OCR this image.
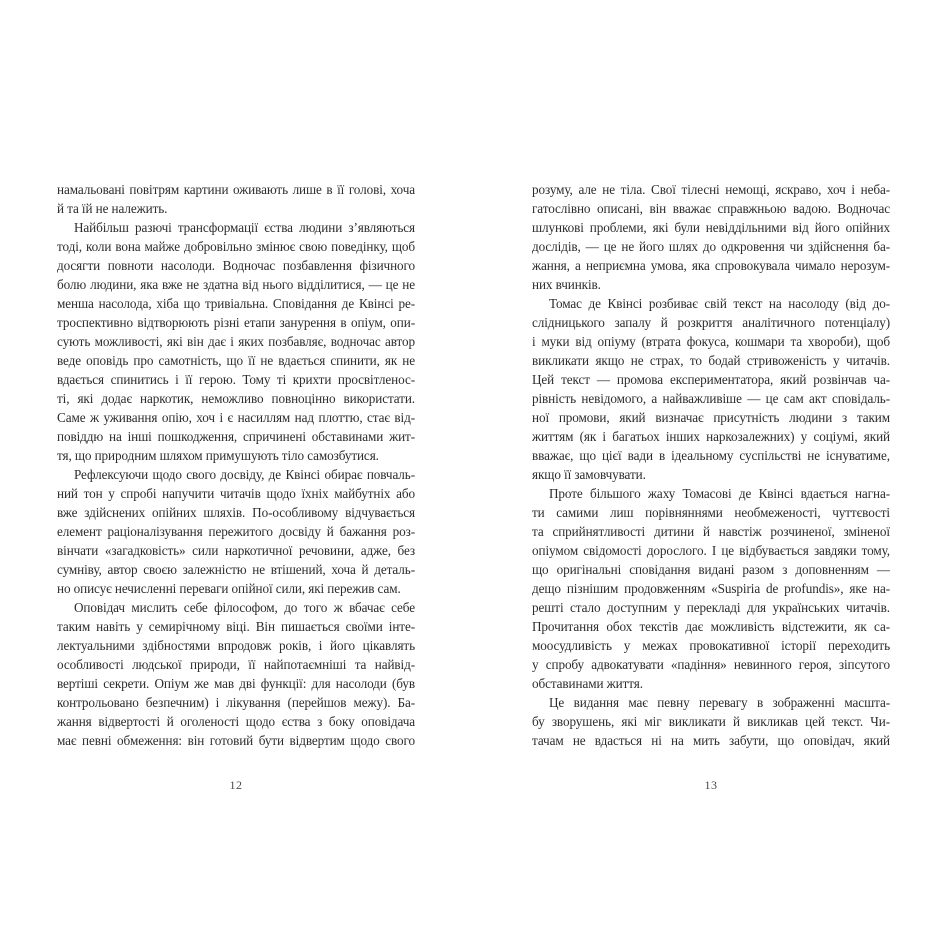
намальовані повітрям картини оживають лише в її голові, хоча
й та їй не належить.
Найбільш разючі трансформації єства людини з’являються
тоді, коли вона майже добровільно змінює свою поведінку, щоб
досягти повноти насолоди. Водночас позбавлення фізичного
болю людини, яка вже не здатна від нього відділитися, — це не
менша насолода, хіба що тривіальна. Сповідання де Квінсі ре-
троспективно відтворюють різні етапи занурення в опіум, опи-
сують можливості, які він дає і яких позбавляє, водночас автор
веде оповідь про самотність, що її не вдається спинити, як не
вдається спинитись і її герою. Тому ті крихти просвітленос-
ті, які додає наркотик, неможливо повноцінно використати.
Саме ж уживання опію, хоч і є насиллям над плоттю, стає від-
повіддю на інші пошкодження, спричинені обставинами жит-
тя, що природним шляхом примушують тіло самозбутися.
Рефлексуючи щодо свого досвіду, де Квінсі обирає повчаль-
ний тон у спробі напучити читачів щодо їхніх майбутніх або
вже здійснених опійних шляхів. По-особливому відчувається
елемент раціоналізування пережитого досвіду й бажання роз-
вінчати «загадковість» сили наркотичної речовини, адже, без
сумніву, автор своєю залежністю не втішений, хоча й деталь-
но описує нечисленні переваги опійної сили, які пережив сам.
Оповідач мислить себе філософом, до того ж вбачає себе
таким навіть у семирічному віці. Він пишається своїми інте-
лектуальними здібностями впродовж років, і його цікавлять
особливості людської природи, її найпотаємніші та найвід-
вертіші секрети. Опіум же мав дві функції: для насолоди (був
контрольовано безпечним) і лікування (перейшов межу). Ба-
жання відвертості й оголеності щодо єства з боку оповідача
має певні обмеження: він готовий бути відвертим щодо свого
розуму, але не тіла. Свої тілесні немощі, яскраво, хоч і неба-
гатослівно описані, він вважає справжньою вадою. Водночас
шлункові проблеми, які були невіддільними від його опійних
дослідів, — це не його шлях до одкровення чи здійснення ба-
жання, а неприємна умова, яка спровокувала чимало нерозум-
них вчинків.
Томас де Квінсі розбиває свій текст на насолоду (від до-
слідницького запалу й розкриття аналітичного потенціалу)
і муки від опіуму (втрата фокуса, кошмари та хвороби), щоб
викликати якщо не страх, то бодай стривоженість у читачів.
Цей текст — промова експериментатора, який розвінчав ча-
рівність невідомого, а найважливіше — це сам акт сповідаль-
ної промови, який визначає присутність людини з таким
життям (як і багатьох інших наркозалежних) у соціумі, який
вважає, що цієї вади в ідеальному суспільстві не існуватиме,
якщо її замовчувати.
Проте більшого жаху Томасові де Квінсі вдається нагна-
ти самими лиш порівняннями необмеженості, чуттєвості
та сприйнятливості дитини й навстіж розчиненої, зміненої
опіумом свідомості дорослого. І це відбувається завдяки тому,
що оригінальні сповідання видані разом з доповненням —
дещо пізнішим продовженням «Suspiria de profundis», яке на-
решті стало доступним у перекладі для українських читачів.
Прочитання обох текстів дає можливість відстежити, як са-
моосудливість у межах провокативної історії переходить
у спробу адвокатувати «падіння» невинного героя, зіпсутого
обставинами життя.
Це видання має певну перевагу в зображенні масшта-
бу зворушень, які міг викликати й викликав цей текст. Чи-
тачам не вдасться ні на мить забути, що оповідач, який
12	13
